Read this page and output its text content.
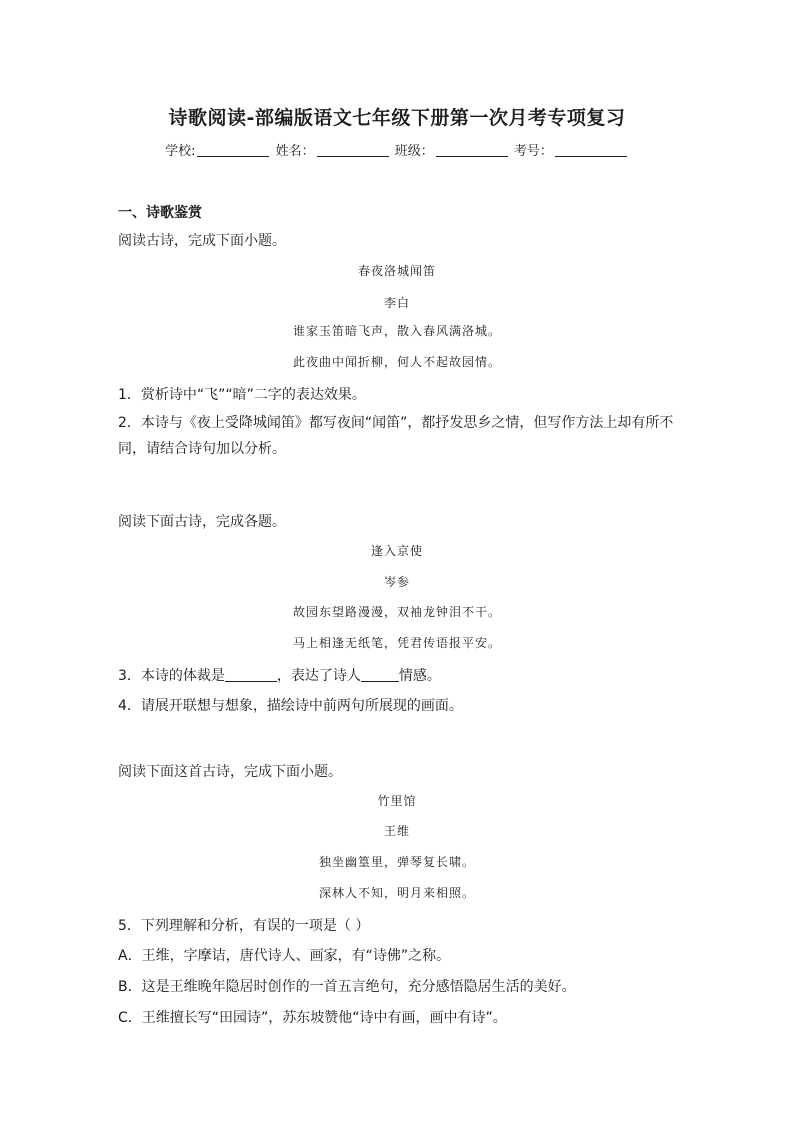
诗歌阅读-部编版语文七年级下册第一次月考专项复习
学校:	姓名：	班级：	考号：
一、诗歌鉴赏
阅读古诗，完成下面小题。
春夜洛城闻笛
李白
谁家玉笛暗飞声，散入春风满洛城。
此夜曲中闻折柳，何人不起故园情。
1．赏析诗中“飞”“暗”二字的表达效果。
2．本诗与《夜上受降城闻笛》都写夜间“闻笛”，都抒发思乡之情，但写作方法上却有所不同，请结合诗句加以分析。
阅读下面古诗，完成各题。
逢入京使
岑参
故园东望路漫漫，双袖龙钟泪不干。
马上相逢无纸笔，凭君传语报平安。
3．本诗的体裁是	，表达了诗人	情感。
4．请展开联想与想象，描绘诗中前两句所展现的画面。
阅读下面这首古诗，完成下面小题。
竹里馆
王维
独坐幽篁里，弹琴复长啸。
深林人不知，明月来相照。
5．下列理解和分析，有误的一项是（ ）
A．王维，字摩诘，唐代诗人、画家，有“诗佛”之称。
B．这是王维晚年隐居时创作的一首五言绝句，充分感悟隐居生活的美好。
C．王维擅长写“田园诗”，苏东坡赞他“诗中有画，画中有诗”。
